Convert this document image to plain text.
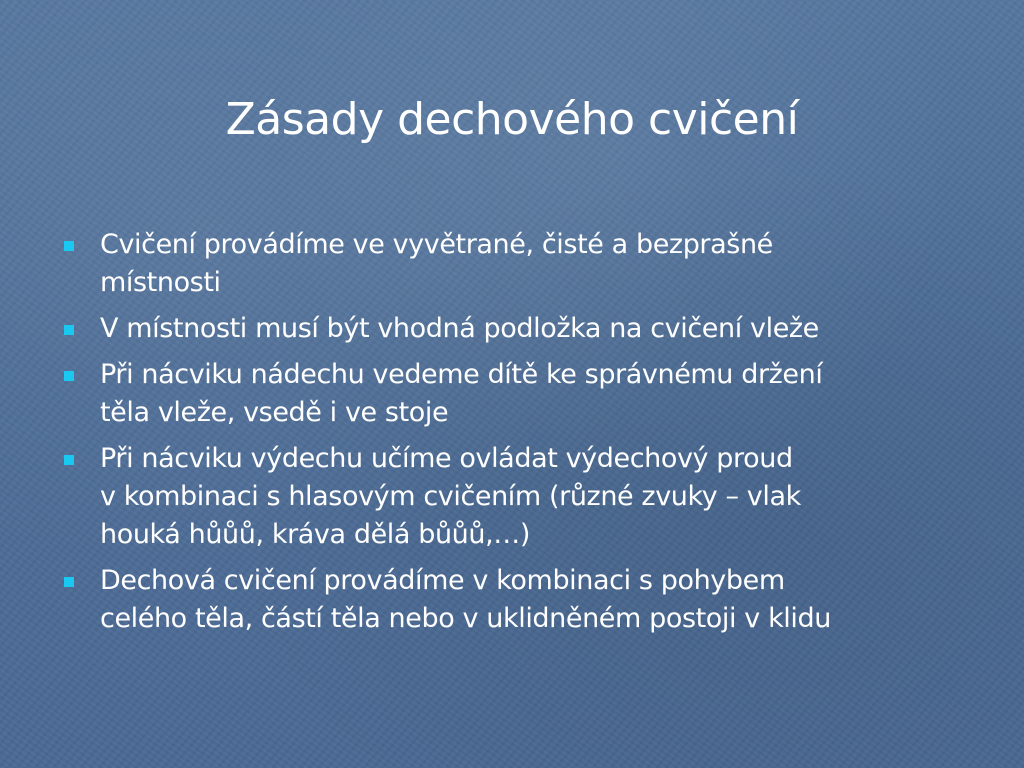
Zásady dechového cvičení
Cvičení provádíme ve vyvětrané, čisté a bezprašné
místnosti
V místnosti musí být vhodná podložka na cvičení vleže
Při nácviku nádechu vedeme dítě ke správnému držení
těla vleže, vsedě i ve stoje
Při nácviku výdechu učíme ovládat výdechový proud
v kombinaci s hlasovým cvičením (různé zvuky – vlak
houká hůůů, kráva dělá bůůů,…)
Dechová cvičení provádíme v kombinaci s pohybem
celého těla, částí těla nebo v uklidněném postoji v klidu
